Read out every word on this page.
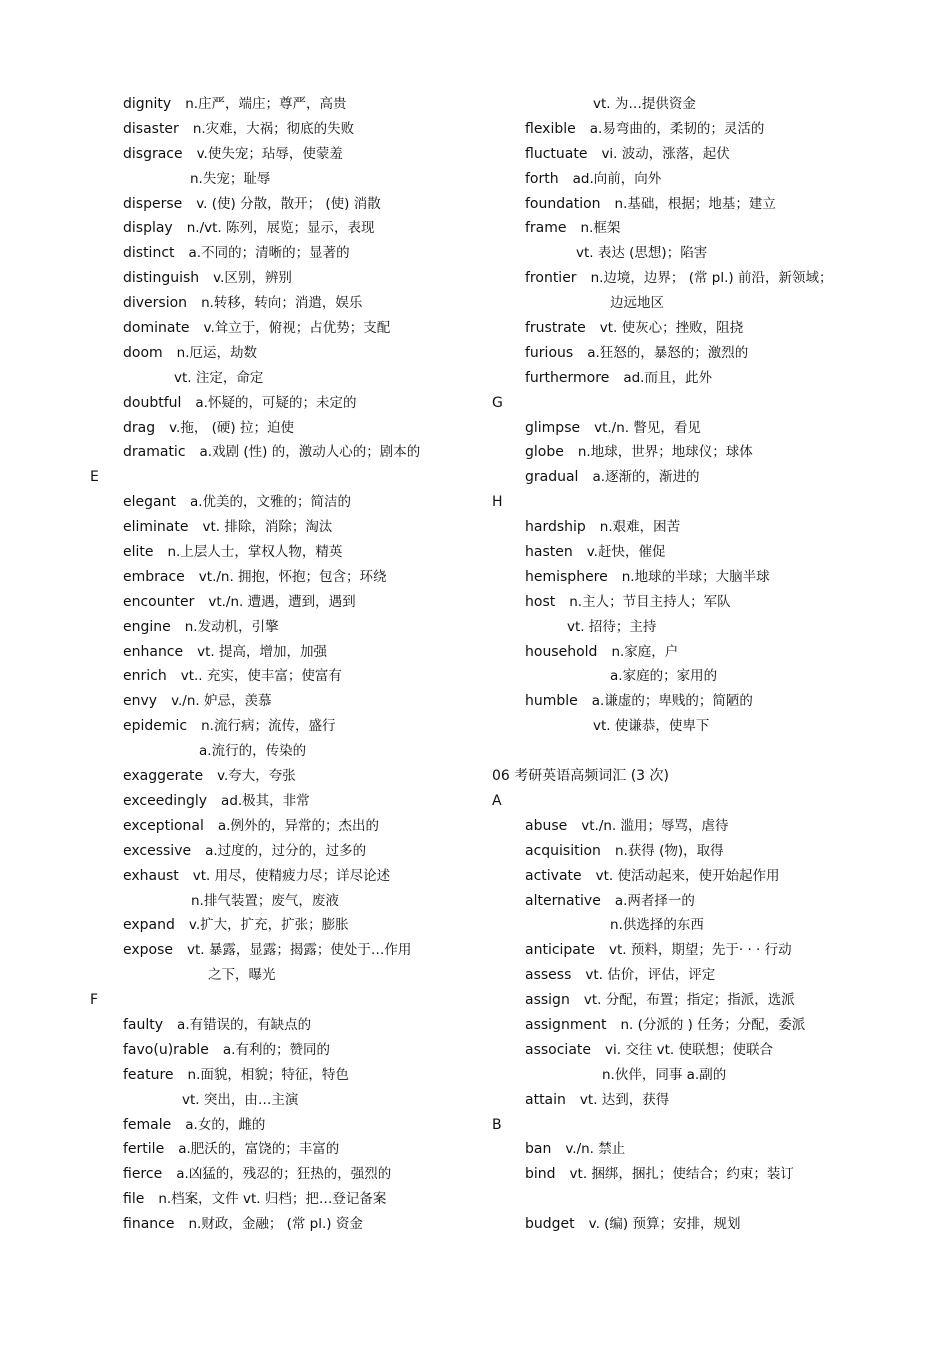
dignity n.庄严，端庄；尊严，高贵
disaster n.灾难，大祸；彻底的失败
disgrace v.使失宠；玷辱，使蒙羞
n.失宠；耻辱
disperse v. (使) 分散，散开； (使) 消散
display n./vt. 陈列，展览；显示，表现
distinct a.不同的；清晰的；显著的
distinguish v.区别，辨别
diversion n.转移，转向；消遣，娱乐
dominate v.耸立于，俯视；占优势；支配
doom n.厄运，劫数
vt. 注定，命定
doubtful a.怀疑的，可疑的；未定的
drag v.拖， (硬) 拉；迫使
dramatic a.戏剧 (性) 的，激动人心的；剧本的
E
elegant a.优美的，文雅的；简洁的
eliminate vt. 排除，消除；淘汰
elite n.上层人士，掌权人物，精英
embrace vt./n. 拥抱，怀抱；包含；环绕
encounter vt./n. 遭遇，遭到，遇到
engine n.发动机，引擎
enhance vt. 提高，增加，加强
enrich vt.. 充实，使丰富；使富有
envy v./n. 妒忌，羡慕
epidemic n.流行病；流传，盛行
a.流行的，传染的
exaggerate v.夸大，夸张
exceedingly ad.极其，非常
exceptional a.例外的，异常的；杰出的
excessive a.过度的，过分的，过多的
exhaust vt. 用尽，使精疲力尽；详尽论述
n.排气装置；废气，废液
expand v.扩大，扩充，扩张；膨胀
expose vt. 暴露，显露；揭露；使处于…作用
之下，曝光
F
faulty a.有错误的，有缺点的
favo(u)rable a.有利的；赞同的
feature n.面貌，相貌；特征，特色
vt. 突出，由…主演
female a.女的，雌的
fertile a.肥沃的，富饶的；丰富的
fierce a.凶猛的，残忍的；狂热的，强烈的
file n.档案，文件 vt. 归档；把…登记备案
finance n.财政，金融； (常 pl.) 资金
vt. 为…提供资金
flexible a.易弯曲的，柔韧的；灵活的
fluctuate vi. 波动，涨落，起伏
forth ad.向前，向外
foundation n.基础，根据；地基；建立
frame n.框架
vt. 表达 (思想)；陷害
frontier n.边境，边界； (常 pl.) 前沿，新领域；
边远地区
frustrate vt. 使灰心；挫败，阻挠
furious a.狂怒的，暴怒的；激烈的
furthermore ad.而且，此外
G
glimpse vt./n. 瞥见，看见
globe n.地球，世界；地球仪；球体
gradual a.逐渐的，渐进的
H
hardship n.艰难，困苦
hasten v.赶快，催促
hemisphere n.地球的半球；大脑半球
host n.主人；节目主持人；军队
vt. 招待；主持
household n.家庭，户
a.家庭的；家用的
humble a.谦虚的；卑贱的；简陋的
vt. 使谦恭，使卑下
06 考研英语高频词汇 (3 次)
A
abuse vt./n. 滥用；辱骂，虐待
acquisition n.获得 (物)，取得
activate vt. 使活动起来，使开始起作用
alternative a.两者择一的
n.供选择的东西
anticipate vt. 预料，期望；先于· · · 行动
assess vt. 估价，评估，评定
assign vt. 分配，布置；指定；指派，选派
assignment n. (分派的 ) 任务；分配，委派
associate vi. 交往 vt. 使联想；使联合
n.伙伴，同事 a.副的
attain vt. 达到，获得
B
ban v./n. 禁止
bind vt. 捆绑，捆扎；使结合；约束；装订
budget v. (编) 预算；安排，规划
